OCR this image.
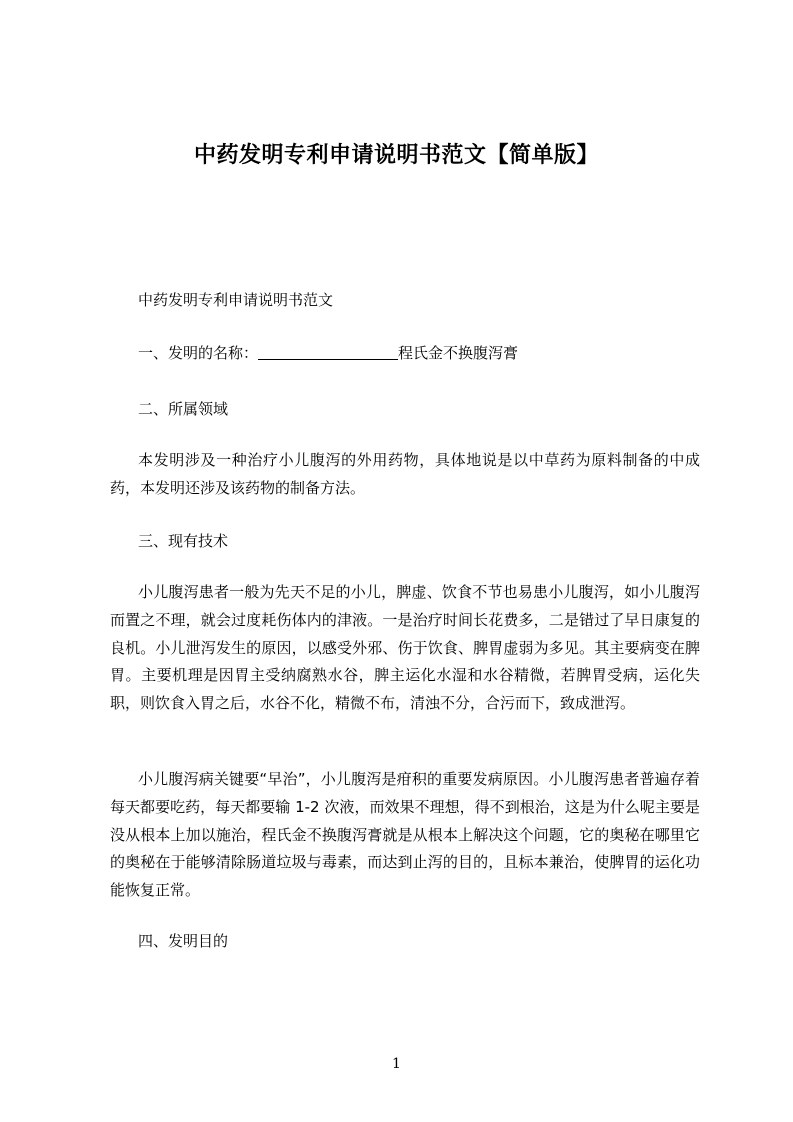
中药发明专利申请说明书范文【简单版】

中药发明专利申请说明书范文

一、发明的名称：	程氏金不换腹泻膏

二、所属领域

本发明涉及一种治疗小儿腹泻的外用药物，具体地说是以中草药为原料制备的中成药，本发明还涉及该药物的制备方法。

三、现有技术

小儿腹泻患者一般为先天不足的小儿，脾虚、饮食不节也易患小儿腹泻，如小儿腹泻而置之不理，就会过度耗伤体内的津液。一是治疗时间长花费多，二是错过了早日康复的良机。小儿泄泻发生的原因，以感受外邪、伤于饮食、脾胃虚弱为多见。其主要病变在脾胃。主要机理是因胃主受纳腐熟水谷，脾主运化水湿和水谷精微，若脾胃受病，运化失职，则饮食入胃之后，水谷不化，精微不布，清浊不分，合污而下，致成泄泻。

小儿腹泻病关键要“早治”，小儿腹泻是疳积的重要发病原因。小儿腹泻患者普遍存着每天都要吃药，每天都要输 1-2 次液，而效果不理想，得不到根治，这是为什么呢主要是没从根本上加以施治，程氏金不换腹泻膏就是从根本上解决这个问题，它的奥秘在哪里它的奥秘在于能够清除肠道垃圾与毒素，而达到止泻的目的，且标本兼治，使脾胃的运化功能恢复正常。

四、发明目的

1
